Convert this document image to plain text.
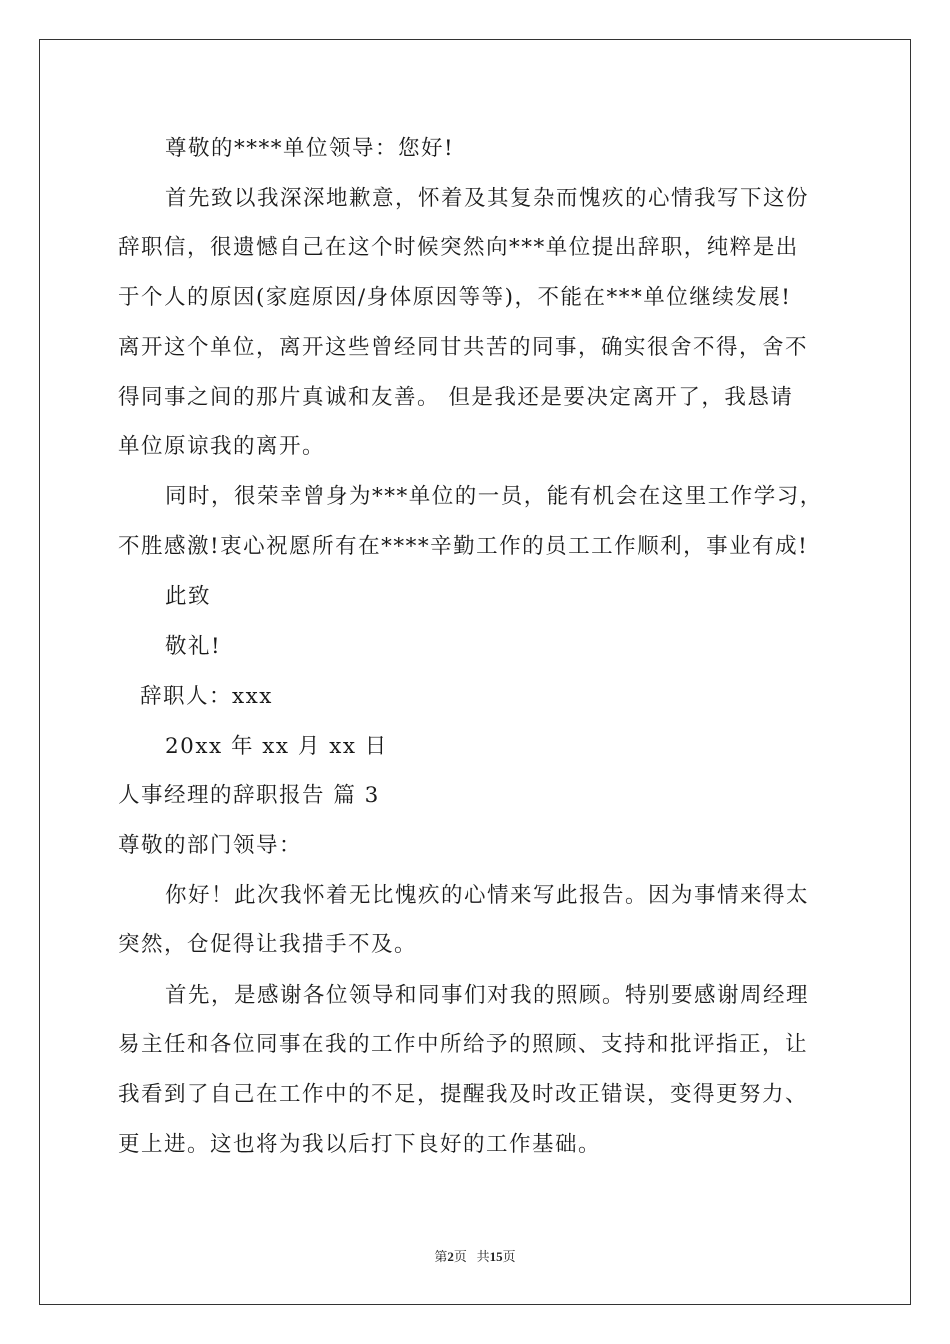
尊敬的****单位领导：您好!
首先致以我深深地歉意，怀着及其复杂而愧疚的心情我写下这份
辞职信，很遗憾自己在这个时候突然向***单位提出辞职，纯粹是出
于个人的原因(家庭原因/身体原因等等)，不能在***单位继续发展!
离开这个单位，离开这些曾经同甘共苦的同事，确实很舍不得，舍不
得同事之间的那片真诚和友善。 但是我还是要决定离开了，我恳请
单位原谅我的离开。
同时，很荣幸曾身为***单位的一员，能有机会在这里工作学习，
不胜感激!衷心祝愿所有在****辛勤工作的员工工作顺利，事业有成!
此致
敬礼!
辞职人：xxx
20xx 年 xx 月 xx 日
人事经理的辞职报告 篇 3
尊敬的部门领导：
你好！此次我怀着无比愧疚的心情来写此报告。因为事情来得太
突然，仓促得让我措手不及。
首先，是感谢各位领导和同事们对我的照顾。特别要感谢周经理
易主任和各位同事在我的工作中所给予的照顾、支持和批评指正，让
我看到了自己在工作中的不足，提醒我及时改正错误，变得更努力、
更上进。这也将为我以后打下良好的工作基础。
第2页   共15页
